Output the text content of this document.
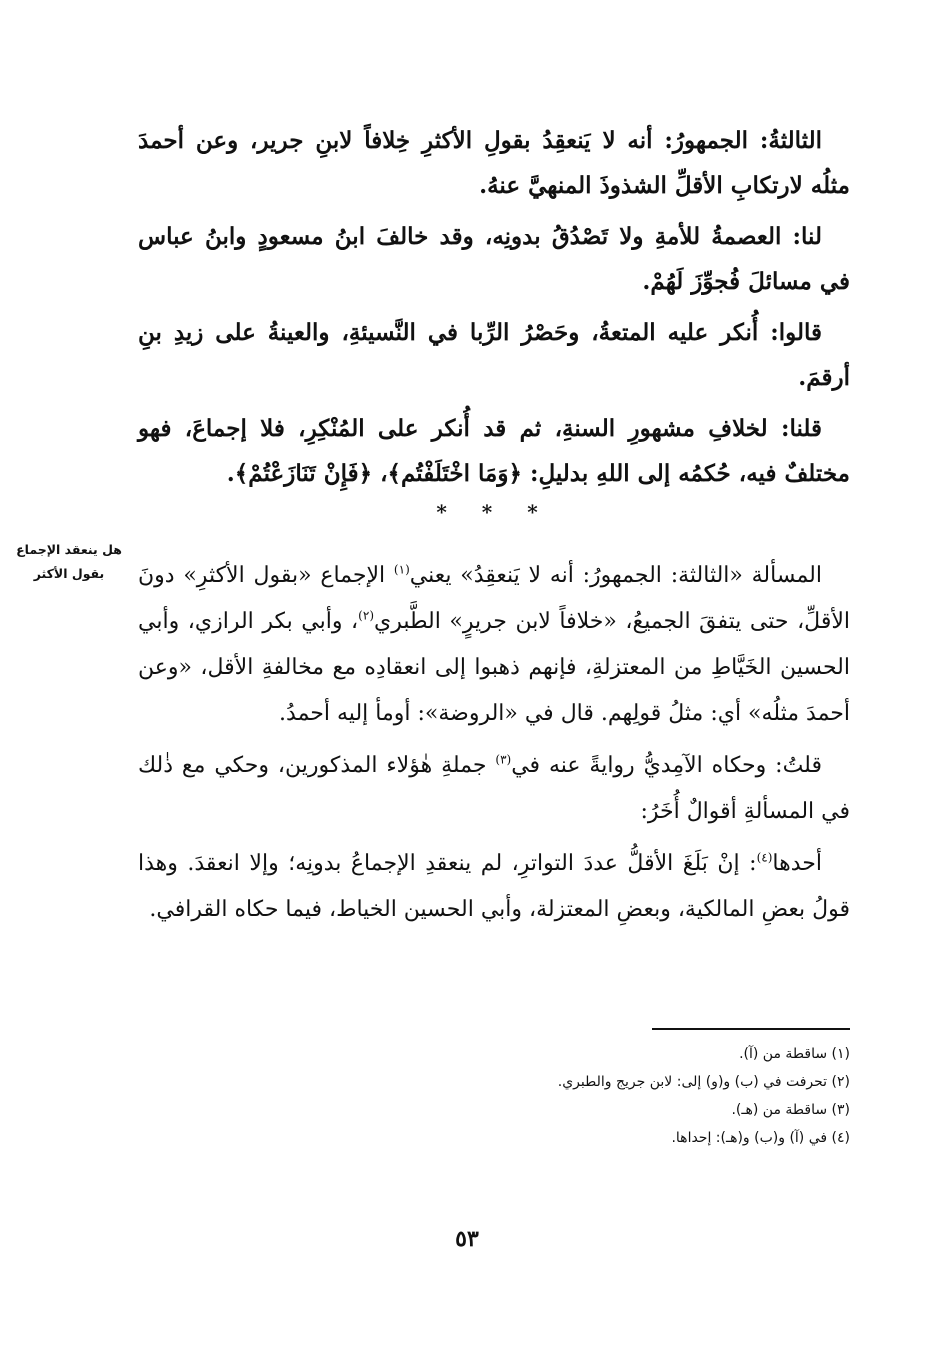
الثالثةُ: الجمهورُ: أنه لا يَنعقِدُ بقولِ الأكثرِ خِلافاً لابنِ جرير، وعن أحمدَ مثلُه لارتكابِ الأقلِّ الشذوذَ المنهيَّ عنهُ.

لنا: العصمةُ للأمةِ ولا تَصْدُقُ بدونِه، وقد خالفَ ابنُ مسعودٍ وابنُ عباس في مسائلَ فُجوِّزَ لَهُمْ.

قالوا: أُنكر عليه المتعةُ، وحَصْرُ الرِّبا في النَّسيئةِ، والعينةُ على زيدِ بنِ أرقمَ.

قلنا: لخلافِ مشهورِ السنةِ، ثم قد أُنكر على المُنْكِرِ، فلا إجماعَ، فهو مختلفٌ فيه، حُكمُه إلى اللهِ بدليلِ: ﴿وَمَا اخْتَلَفْتُم﴾، ﴿فَإِنْ تَنَازَعْتُمْ﴾.

* * *
هل ينعقد الإجماع
بقول الأكثر	المسألة «الثالثة: الجمهورُ: أنه لا يَنعقِدُ» يعني$^{(١)}$ الإجماع «بقول الأكثرِ» دونَ الأقلِّ، حتى يتفقَ الجميعُ، «خلافاً لابن جريرٍ» الطَّبري$^{(٢)}$، وأبي بكر الرازي، وأبي الحسين الخَيَّاطِ من المعتزلةِ، فإنهم ذهبوا إلى انعقادِه مع مخالفةِ الأقل، «وعن أحمدَ مثلُه» أي: مثلُ قولِهم. قال في «الروضة»: أومأ إليه أحمدُ.

قلتُ: وحكاه الآمِديُّ روايةً عنه في$^{(٣)}$ جملةِ هٰؤلاء المذكورين، وحكي مع ذٰلك في المسألةِ أقوالٌ أُخَرُ:

أحدها$^{(٤)}$: إنْ بَلَغَ الأقلُّ عددَ التواترِ، لم ينعقدِ الإجماعُ بدونِه؛ وإلا انعقدَ. وهذا قولُ بعضِ المالكية، وبعضِ المعتزلة، وأبي الحسين الخياط، فيما حكاه القرافي.

(١) ساقطة من (آ).
(٢) تحرفت في (ب) و(و) إلى: لابن جريج والطبري.
(٣) ساقطة من (هـ).
(٤) في (آ) و(ب) و(هـ): إحداها.
٥٣
